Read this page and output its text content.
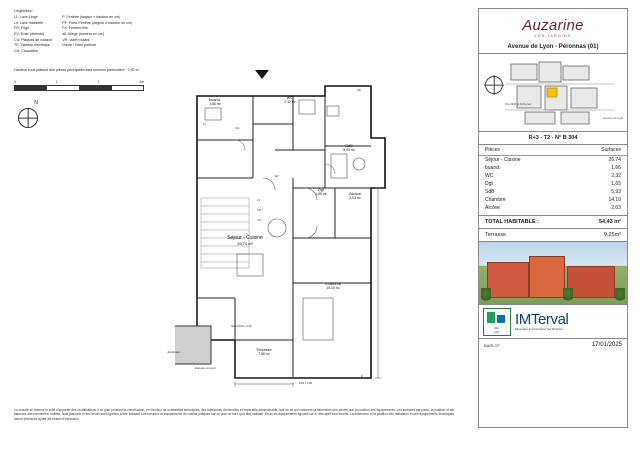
Légendes:
LL: Lave Linge
LV: Lave Vaisselle
FR: Frigo
EV: Evier (détenté)
CU: Plaques de cuisson
TE: Tableau électrique
CH: Chaudière
F: Fenêtre (largeur x hauteur en cm)
PF: Porte Fenêtre (largeur x hauteur en cm)
FX: Fenêtre fixe
all: Allège (hauteur en cm)
VR: Volet roulant
Gaine / Faux plafond
Hauteur sous plafond des pièces principales sauf mention particulière : 2,50 m
0	1	2	4m
N
buand.
1,66 m²
WC
2,32 m²
SdB
5,93 m²
Dgt
1,65 m²	Alcôve
2,03 m²
Séjour - Cuisine
26,74 m²
Chambre
14,10 m²
Terrasse
7,66 m²
Jardinière
TE
LV
FR
CU
LL
EV
CH
Seuil 260 x 215
Espace couvert
100 x 100
F
Auzarine
LES JARDINS
Avenue de Lyon - Péronnas (01)
Rue Michel Schumac
Avenue de Lyon
R+3 - T2 - N° B 304
Pièces	Surfaces
Séjour - Cuisine	26,74
buand.	1,66
WC	2,32
Dgt	1,65
SdB	5,93
Chambre	14,10
Alcôve	2,03
TOTAL HABITABLE :	54,43 m²
Terrasse	9,25m²
BEL
ARK
IMTerval
Rénovation & Construction Vos Territoires
BARLCF	17/01/2025
La société se réserve le droit d'apporter des modifications à ce plan pendant la construction, en fonction de contraintes techniques, des tolérances d'exécution et impératifs administratifs, tant en ce qui concerne la dimension des pièces que la position des équipements. Les surfaces par pièce, la position et les hauteurs des retombées, soffites, faux plafonds et des seuils sont figurées à titre indicatif. Les meubles et équipements de cuisine indiqués sur ce plan ne sont qu'à titre indicatif. Seuls les équipements figurant sur le descriptif sont fournis. La dimension et la position des radiateurs et des équipements électriques seront précisées après les études d'exécution.
